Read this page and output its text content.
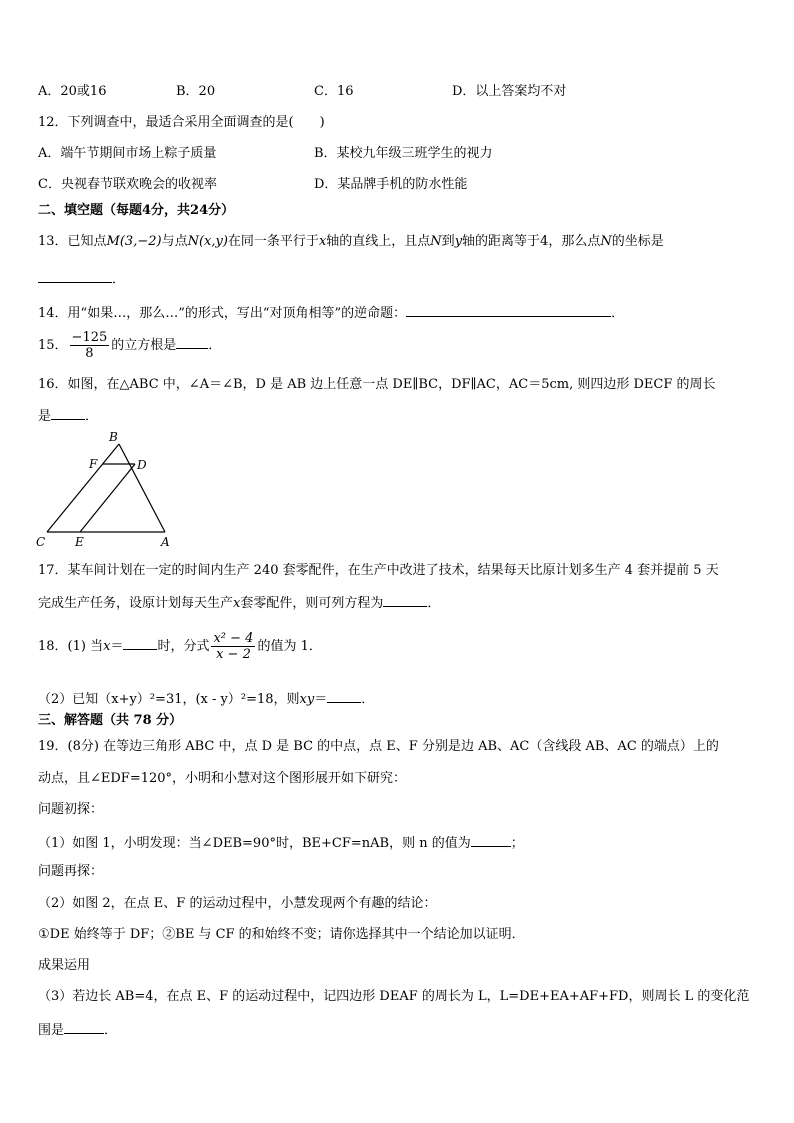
A．20或16	B．20	C．16	D．以上答案均不对
12．下列调查中，最适合采用全面调查的是(　　)
A．端午节期间市场上粽子质量	B．某校九年级三班学生的视力
C．央视春节联欢晚会的收视率	D．某品牌手机的防水性能
二、填空题（每题4分，共24分）
13．已知点M(3,−2)与点N(x,y)在同一条平行于x轴的直线上，且点N到y轴的距离等于4，那么点N的坐标是
．
14．用“如果…，那么…”的形式，写出“对顶角相等”的逆命题：	．
15． $\frac{-125}{8}$ 的立方根是 ．
16．如图，在△ABC 中，∠A＝∠B，D 是 AB 边上任意一点 DE∥BC，DF∥AC，AC＝5cm, 则四边形 DECF 的周长
是	．
B
F	D
C E	A
17．某车间计划在一定的时间内生产 240 套零配件，在生产中改进了技术，结果每天比原计划多生产 4 套并提前 5 天
完成生产任务，设原计划每天生产x套零配件，则可列方程为	．
18．(1) 当x＝	时，分式 $\frac{\text{x² − 4}}{x - 2}$ 的值为 1．
（2）已知（x+y）²=31，(x - y）²=18，则xy＝	．
三、解答题（共 78 分）
19．(8分) 在等边三角形 ABC 中，点 D 是 BC 的中点，点 E、F 分别是边 AB、AC（含线段 AB、AC 的端点）上的
动点，且∠EDF=120°，小明和小慧对这个图形展开如下研究：
问题初探：
（1）如图 1，小明发现：当∠DEB=90°时，BE+CF=nAB，则 n 的值为	；
问题再探：
（2）如图 2，在点 E、F 的运动过程中，小慧发现两个有趣的结论：
①DE 始终等于 DF；②BE 与 CF 的和始终不变；请你选择其中一个结论加以证明．
成果运用
（3）若边长 AB=4，在点 E、F 的运动过程中，记四边形 DEAF 的周长为 L，L=DE+EA+AF+FD，则周长 L 的变化范
围是	．
